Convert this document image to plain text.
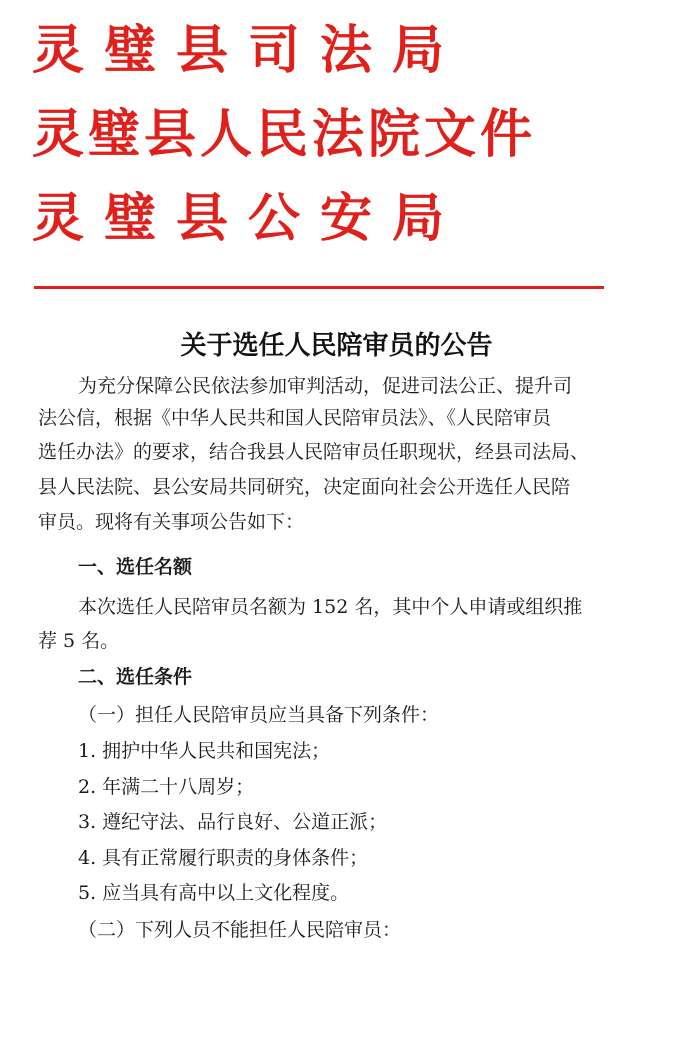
灵璧县司法局
灵璧县人民法院文件
灵璧县公安局
关于选任人民陪审员的公告
为充分保障公民依法参加审判活动，促进司法公正、提升司
法公信，根据《中华人民共和国人民陪审员法》、《人民陪审员
选任办法》的要求，结合我县人民陪审员任职现状，经县司法局、
县人民法院、县公安局共同研究，决定面向社会公开选任人民陪
审员。现将有关事项公告如下：
一、选任名额
本次选任人民陪审员名额为 152 名，其中个人申请或组织推
荐 5 名。
二、选任条件
（一）担任人民陪审员应当具备下列条件：
1. 拥护中华人民共和国宪法；
2. 年满二十八周岁；
3. 遵纪守法、品行良好、公道正派；
4. 具有正常履行职责的身体条件；
5. 应当具有高中以上文化程度。
（二）下列人员不能担任人民陪审员：
